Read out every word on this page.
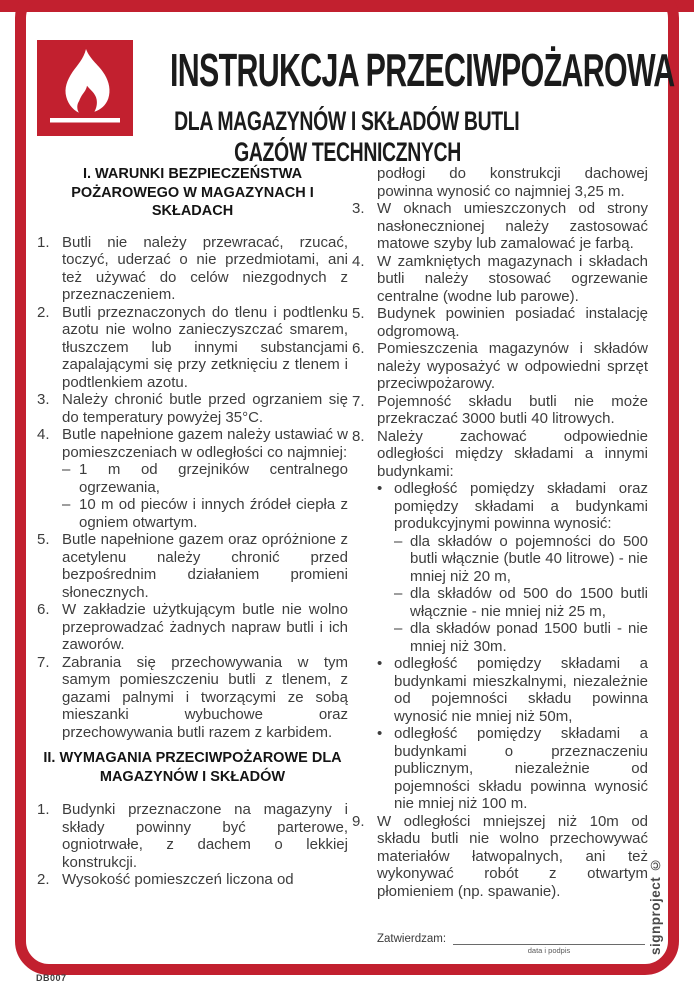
INSTRUKCJA PRZECIWPOŻAROWA
DLA MAGAZYNÓW I SKŁADÓW BUTLI
GAZÓW TECHNICZNYCH
I. WARUNKI BEZPIECZEŃSTWA POŻAROWEGO W MAGAZYNACH I SKŁADACH
1. Butli nie należy przewracać, rzucać, toczyć, uderzać o nie przedmiotami, ani też używać do celów niezgodnych z przeznaczeniem.
2. Butli przeznaczonych do tlenu i podtlenku azotu nie wolno zanieczyszczać smarem, tłuszczem lub innymi substancjami zapalającymi się przy zetknięciu z tlenem i podtlenkiem azotu.
3. Należy chronić butle przed ogrzaniem się do temperatury powyżej 35°C.
4. Butle napełnione gazem należy ustawiać w pomieszczeniach w odległości co najmniej:
– 1 m od grzejników centralnego ogrzewania,
– 10 m od pieców i innych źródeł ciepła z ogniem otwartym.
5. Butle napełnione gazem oraz opróżnione z acetylenu należy chronić przed bezpośrednim działaniem promieni słonecznych.
6. W zakładzie użytkującym butle nie wolno przeprowadzać żadnych napraw butli i ich zaworów.
7. Zabrania się przechowywania w tym samym pomieszczeniu butli z tlenem, z gazami palnymi i tworzącymi ze sobą mieszanki wybuchowe oraz przechowywania butli razem z karbidem.
II. WYMAGANIA PRZECIWPOŻAROWE DLA MAGAZYNÓW I SKŁADÓW
1. Budynki przeznaczone na magazyny i składy powinny być parterowe, ogniotrwałe, z dachem o lekkiej konstrukcji.
2. Wysokość pomieszczeń liczona od
podłogi do konstrukcji dachowej powinna wynosić co najmniej 3,25 m.
3. W oknach umieszczonych od strony nasłonecznionej należy zastosować matowe szyby lub zamalować je farbą.
4. W zamkniętych magazynach i składach butli należy stosować ogrzewanie centralne (wodne lub parowe).
5. Budynek powinien posiadać instalację odgromową.
6. Pomieszczenia magazynów i składów należy wyposażyć w odpowiedni sprzęt przeciwpożarowy.
7. Pojemność składu butli nie może przekraczać 3000 butli 40 litrowych.
8. Należy zachować odpowiednie odległości między składami a innymi budynkami:
• odległość pomiędzy składami oraz pomiędzy składami a budynkami produkcyjnymi powinna wynosić:
– dla składów o pojemności do 500 butli włącznie (butle 40 litrowe) - nie mniej niż 20 m,
– dla składów od 500 do 1500 butli włącznie - nie mniej niż 25 m,
– dla składów ponad 1500 butli - nie mniej niż 30m.
• odległość pomiędzy składami a budynkami mieszkalnymi, niezależnie od pojemności składu powinna wynosić nie mniej niż 50m,
• odległość pomiędzy składami a budynkami o przeznaczeniu publicznym, niezależnie od pojemności składu powinna wynosić nie mniej niż 100 m.
9. W odległości mniejszej niż 10m od składu butli nie wolno przechowywać materiałów łatwopalnych, ani też wykonywać robót z otwartym płomieniem (np. spawanie).
Zatwierdzam:
data i podpis	signproject ©
DB007
